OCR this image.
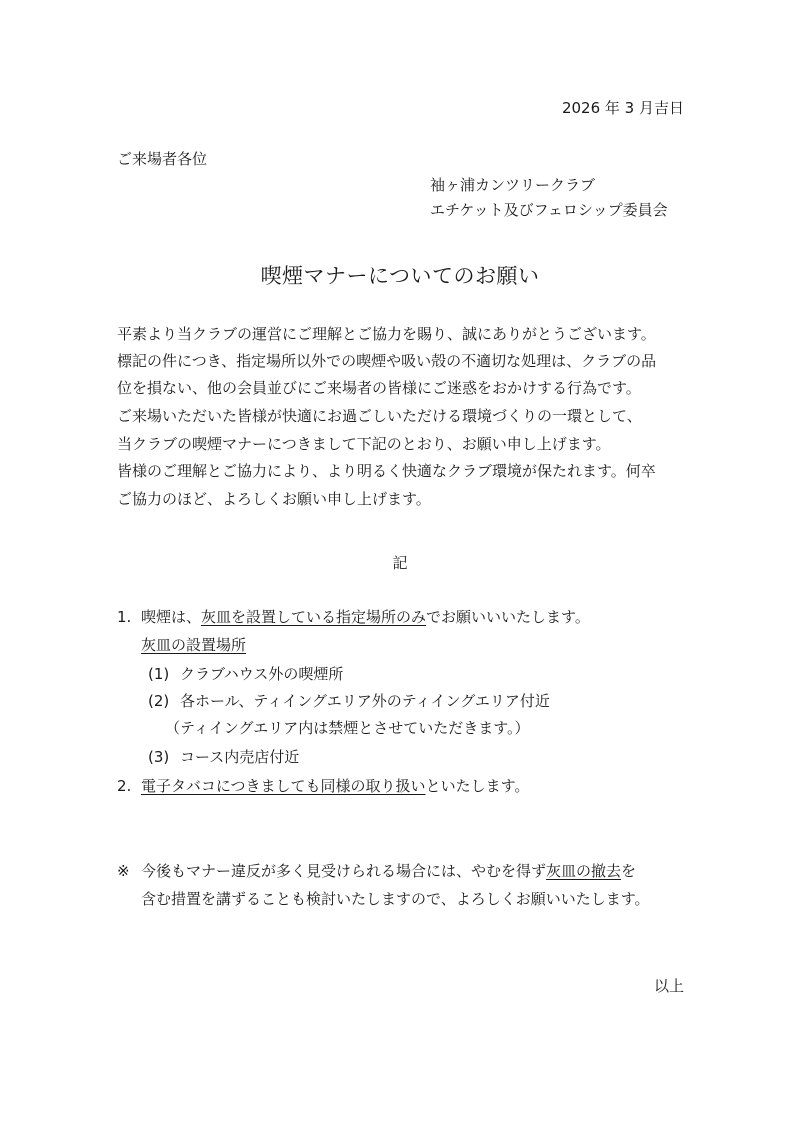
2026 年 3 月吉日
ご来場者各位
袖ヶ浦カンツリークラブ
エチケット及びフェロシップ委員会
喫煙マナーについてのお願い
平素より当クラブの運営にご理解とご協力を賜り、誠にありがとうございます。
標記の件につき、指定場所以外での喫煙や吸い殻の不適切な処理は、クラブの品
位を損ない、他の会員並びにご来場者の皆様にご迷惑をおかけする行為です。
ご来場いただいた皆様が快適にお過ごしいただける環境づくりの一環として、
当クラブの喫煙マナーにつきまして下記のとおり、お願い申し上げます。
皆様のご理解とご協力により、より明るく快適なクラブ環境が保たれます。何卒
ご協力のほど、よろしくお願い申し上げます。
記
1. 喫煙は、灰皿を設置している指定場所のみでお願いいいたします。
灰皿の設置場所
(1) クラブハウス外の喫煙所
(2) 各ホール、ティイングエリア外のティイングエリア付近
（ティイングエリア内は禁煙とさせていただきます。）
(3) コース内売店付近
2. 電子タバコにつきましても同様の取り扱いといたします。
※ 今後もマナー違反が多く見受けられる場合には、やむを得ず灰皿の撤去を
含む措置を講ずることも検討いたしますので、よろしくお願いいたします。
以上
